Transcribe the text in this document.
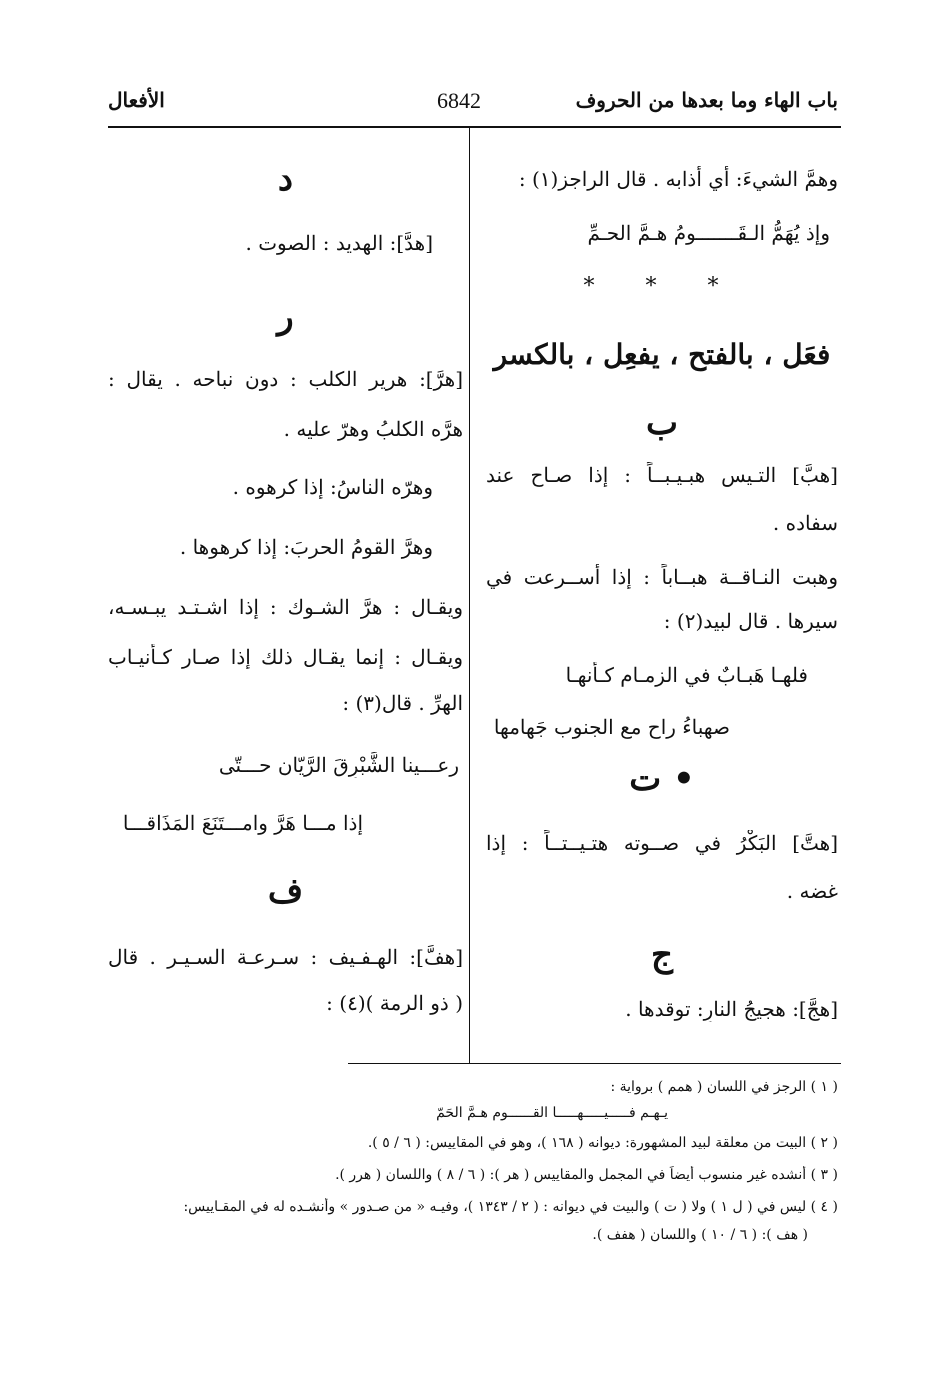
باب الهاء وما بعدها من الحروف
6842
الأفعال
وهمَّ الشيءَ: أي أذابه . قال الراجز(١) :
وإذ يُهَمُّ الـقَـــــــومُ هـمَّ الحـمِّ
* * *
فعَل ، بالفتح ، يفعِل ، بالكسر
ب
[هبَّ] التـيس هبـيـبــاً : إذا صـاح عند
سفاده .
وهبت النـاقــة هبــاباً : إذا أســرعت في
سيرها . قال لبيد(٢) :
فلهـا هَبـابٌ في الزمـام كـأنهـا
صهباءُ راح مع الجنوب جَهامها
• ت
[هتَّ] البَكْرُ في صــوته هتـيــتــاً : إذا
غضه .
ج
[هجَّ]: هجيجُ النارِ: توقدها .
د
[هدَّ]: الهديد : الصوت .
ر
[هرَّ]: هرير الكلب : دون نباحه . يقال :
هرَّه الكلبُ وهرّ عليه .
وهرّه الناسُ: إذا كرهوه .
وهرَّ القومُ الحربَ: إذا كرهوها .
ويقـال : هرَّ الشـوك : إذا اشـتـد يبـسـه،
ويقـال : إنما يقـال ذلك إذا صـار كـأنيـاب
الهرِّ . قال(٣) :
رعـــينا الشَّبْرِقَ الرَّيّان حـــتّى
إذا مـــا هَرَّ وامـــتَنَعَ المَذَاقـــا
ف
[هفَّ]: الهـفـيف : سـرعـة السـيـر . قال
( ذو الرمة )(٤) :
( ١ ) الرجز في اللسان ( همم ) برواية :
يـهـم فـــــيـــــهـــــا القــــــوم هـمَّ الحَمّ
( ٢ ) البيت من معلقة لبيد المشهورة: ديوانه ( ١٦٨ )، وهو في المقاييس: ( ٦ / ٥ ).
( ٣ ) أنشده غير منسوب أيضاً في المجمل والمقاييس ( هر ): ( ٦ / ٨ ) واللسان ( هرر ).
( ٤ ) ليس في ( ل ١ ) ولا ( ت ) والبيت في ديوانه : ( ٢ / ١٣٤٣ )، وفيـه « من صـدور » وأنشـده له في المقـاييس:
( هف ): ( ٦ / ١٠ ) واللسان ( هفف ).
